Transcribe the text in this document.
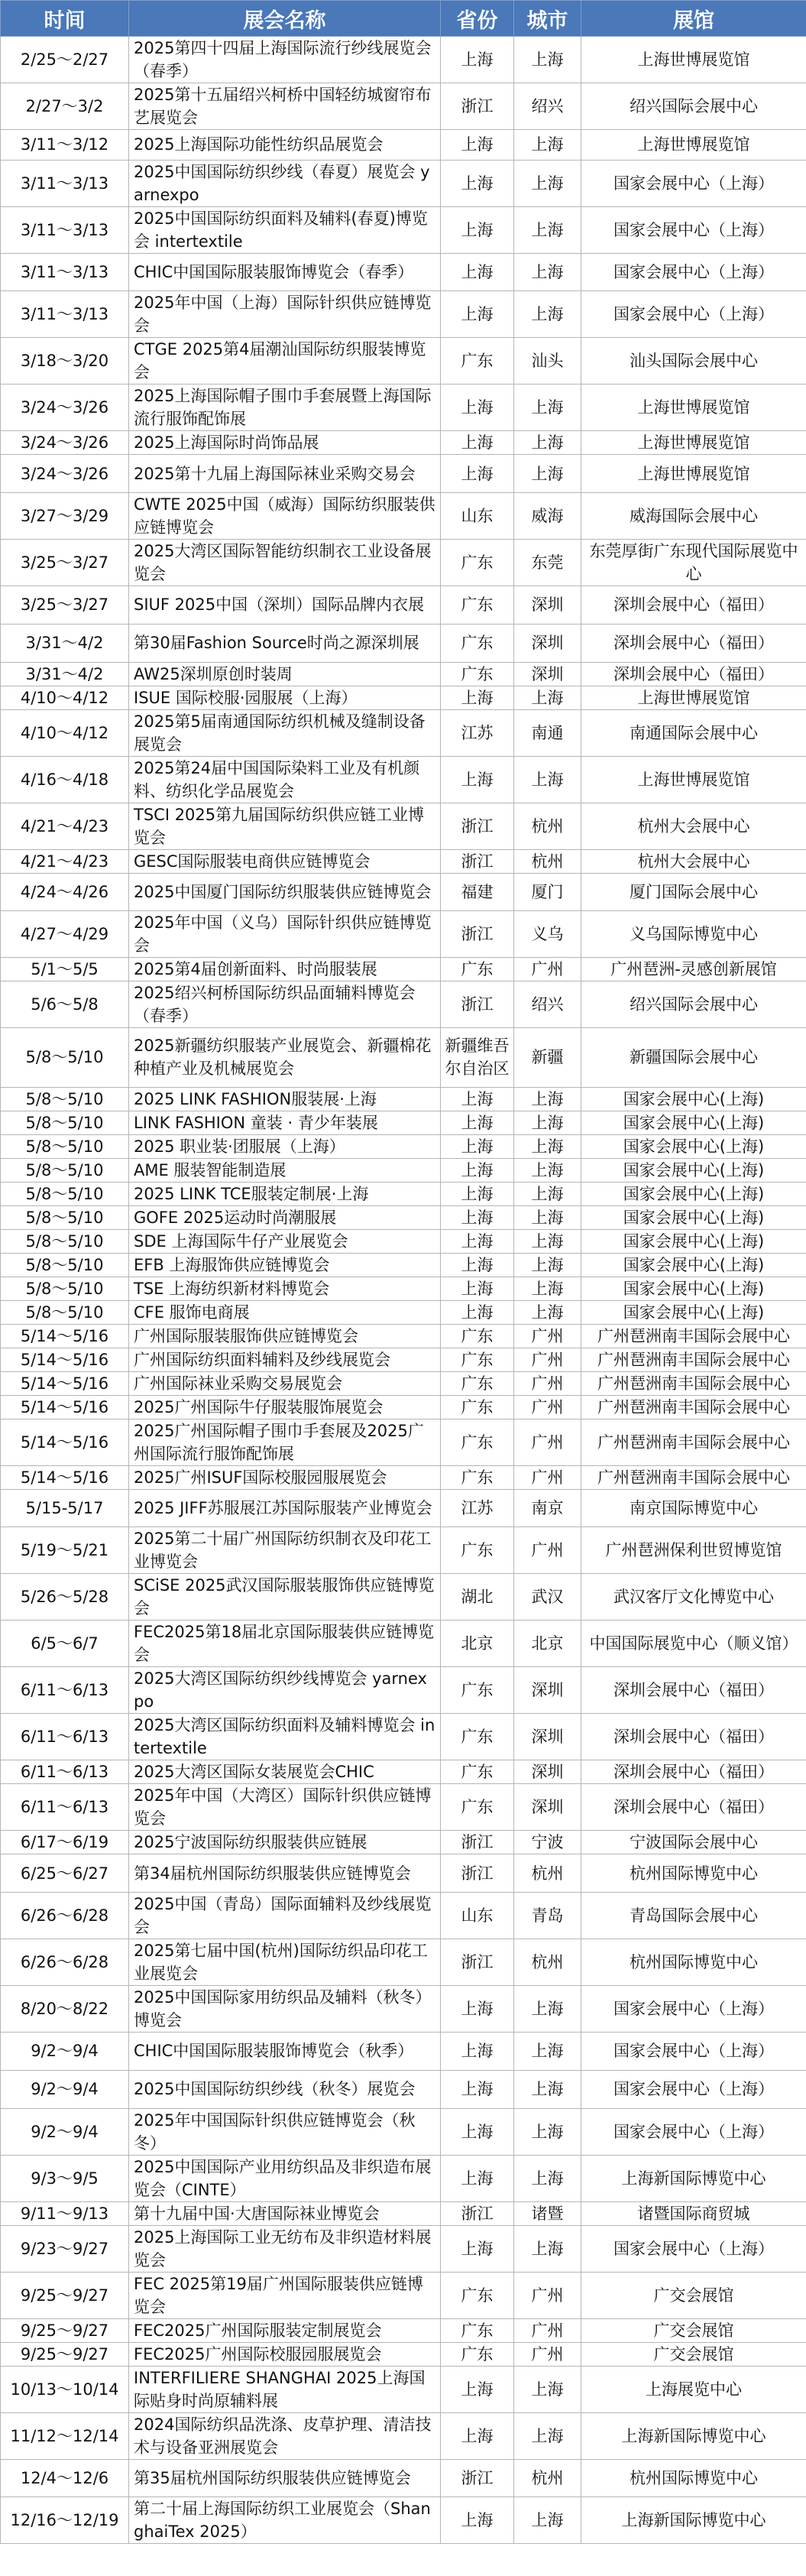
时间	展会名称	省份	城市	展馆
2/25～2/27	2025第四十四届上海国际流行纱线展览会（春季）	上海	上海	上海世博展览馆
2/27～3/2	2025第十五届绍兴柯桥中国轻纺城窗帘布艺展览会	浙江	绍兴	绍兴国际会展中心
3/11～3/12	2025上海国际功能性纺织品展览会	上海	上海	上海世博展览馆
3/11～3/13	2025中国国际纺织纱线（春夏）展览会 yarnexpo	上海	上海	国家会展中心（上海）
3/11～3/13	2025中国国际纺织面料及辅料(春夏)博览会 intertextile	上海	上海	国家会展中心（上海）
3/11～3/13	CHIC中国国际服装服饰博览会（春季）	上海	上海	国家会展中心（上海）
3/11～3/13	2025年中国（上海）国际针织供应链博览会	上海	上海	国家会展中心（上海）
3/18～3/20	CTGE 2025第4届潮汕国际纺织服装博览会	广东	汕头	汕头国际会展中心
3/24～3/26	2025上海国际帽子围巾手套展暨上海国际流行服饰配饰展	上海	上海	上海世博展览馆
3/24～3/26	2025上海国际时尚饰品展	上海	上海	上海世博展览馆
3/24～3/26	2025第十九届上海国际袜业采购交易会	上海	上海	上海世博展览馆
3/27～3/29	CWTE 2025中国（威海）国际纺织服装供应链博览会	山东	威海	威海国际会展中心
3/25～3/27	2025大湾区国际智能纺织制衣工业设备展览会	广东	东莞	东莞厚街广东现代国际展览中心
3/25～3/27	SIUF 2025中国（深圳）国际品牌内衣展	广东	深圳	深圳会展中心（福田）
3/31～4/2	第30届Fashion Source时尚之源深圳展	广东	深圳	深圳会展中心（福田）
3/31～4/2	AW25深圳原创时装周	广东	深圳	深圳会展中心（福田）
4/10～4/12	ISUE 国际校服·园服展（上海）	上海	上海	上海世博展览馆
4/10～4/12	2025第5届南通国际纺织机械及缝制设备展览会	江苏	南通	南通国际会展中心
4/16～4/18	2025第24届中国国际染料工业及有机颜料、纺织化学品展览会	上海	上海	上海世博展览馆
4/21～4/23	TSCI 2025第九届国际纺织供应链工业博览会	浙江	杭州	杭州大会展中心
4/21～4/23	GESC国际服装电商供应链博览会	浙江	杭州	杭州大会展中心
4/24～4/26	2025中国厦门国际纺织服装供应链博览会	福建	厦门	厦门国际会展中心
4/27～4/29	2025年中国（义乌）国际针织供应链博览会	浙江	义乌	义乌国际博览中心
5/1～5/5	2025第4届创新面料、时尚服装展	广东	广州	广州琶洲-灵感创新展馆
5/6～5/8	2025绍兴柯桥国际纺织品面辅料博览会（春季）	浙江	绍兴	绍兴国际会展中心
5/8～5/10	2025新疆纺织服装产业展览会、新疆棉花种植产业及机械展览会	新疆维吾尔自治区	新疆	新疆国际会展中心
5/8～5/10	2025 LINK FASHION服装展·上海	上海	上海	国家会展中心(上海)
5/8～5/10	LINK FASHION 童装 · 青少年装展	上海	上海	国家会展中心(上海)
5/8～5/10	2025 职业装·团服展（上海）	上海	上海	国家会展中心(上海)
5/8～5/10	AME 服装智能制造展	上海	上海	国家会展中心(上海)
5/8～5/10	2025 LINK TCE服装定制展·上海	上海	上海	国家会展中心(上海)
5/8～5/10	GOFE 2025运动时尚潮服展	上海	上海	国家会展中心(上海)
5/8～5/10	SDE 上海国际牛仔产业展览会	上海	上海	国家会展中心(上海)
5/8～5/10	EFB 上海服饰供应链博览会	上海	上海	国家会展中心(上海)
5/8～5/10	TSE 上海纺织新材料博览会	上海	上海	国家会展中心(上海)
5/8～5/10	CFE 服饰电商展	上海	上海	国家会展中心(上海)
5/14～5/16	广州国际服装服饰供应链博览会	广东	广州	广州琶洲南丰国际会展中心
5/14～5/16	广州国际纺织面料辅料及纱线展览会	广东	广州	广州琶洲南丰国际会展中心
5/14～5/16	广州国际袜业采购交易展览会	广东	广州	广州琶洲南丰国际会展中心
5/14～5/16	2025广州国际牛仔服装服饰展览会	广东	广州	广州琶洲南丰国际会展中心
5/14～5/16	2025广州国际帽子围巾手套展及2025广州国际流行服饰配饰展	广东	广州	广州琶洲南丰国际会展中心
5/14～5/16	2025广州ISUF国际校服园服展览会	广东	广州	广州琶洲南丰国际会展中心
5/15-5/17	2025 JIFF苏服展江苏国际服装产业博览会	江苏	南京	南京国际博览中心
5/19～5/21	2025第二十届广州国际纺织制衣及印花工业博览会	广东	广州	广州琶洲保利世贸博览馆
5/26～5/28	SCiSE 2025武汉国际服装服饰供应链博览会	湖北	武汉	武汉客厅文化博览中心
6/5～6/7	FEC2025第18届北京国际服装供应链博览会	北京	北京	中国国际展览中心（顺义馆）
6/11～6/13	2025大湾区国际纺织纱线博览会 yarnexpo	广东	深圳	深圳会展中心（福田）
6/11～6/13	2025大湾区国际纺织面料及辅料博览会 intertextile	广东	深圳	深圳会展中心（福田）
6/11～6/13	2025大湾区国际女装展览会CHIC	广东	深圳	深圳会展中心（福田）
6/11～6/13	2025年中国（大湾区）国际针织供应链博览会	广东	深圳	深圳会展中心（福田）
6/17～6/19	2025宁波国际纺织服装供应链展	浙江	宁波	宁波国际会展中心
6/25～6/27	第34届杭州国际纺织服装供应链博览会	浙江	杭州	杭州国际博览中心
6/26～6/28	2025中国（青岛）国际面辅料及纱线展览会	山东	青岛	青岛国际会展中心
6/26～6/28	2025第七届中国(杭州)国际纺织品印花工业展览会	浙江	杭州	杭州国际博览中心
8/20～8/22	2025中国国际家用纺织品及辅料（秋冬）博览会	上海	上海	国家会展中心（上海）
9/2～9/4	CHIC中国国际服装服饰博览会（秋季）	上海	上海	国家会展中心（上海）
9/2～9/4	2025中国国际纺织纱线（秋冬）展览会	上海	上海	国家会展中心（上海）
9/2～9/4	2025年中国国际针织供应链博览会（秋冬）	上海	上海	国家会展中心（上海）
9/3～9/5	2025中国国际产业用纺织品及非织造布展览会（CINTE）	上海	上海	上海新国际博览中心
9/11～9/13	第十九届中国·大唐国际袜业博览会	浙江	诸暨	诸暨国际商贸城
9/23～9/27	2025上海国际工业无纺布及非织造材料展览会	上海	上海	国家会展中心（上海）
9/25～9/27	FEC 2025第19届广州国际服装供应链博览会	广东	广州	广交会展馆
9/25～9/27	FEC2025广州国际服装定制展览会	广东	广州	广交会展馆
9/25～9/27	FEC2025广州国际校服园服展览会	广东	广州	广交会展馆
10/13～10/14	INTERFILIERE SHANGHAI 2025上海国际贴身时尚原辅料展	上海	上海	上海展览中心
11/12～12/14	2024国际纺织品洗涤、皮草护理、清洁技术与设备亚洲展览会	上海	上海	上海新国际博览中心
12/4～12/6	第35届杭州国际纺织服装供应链博览会	浙江	杭州	杭州国际博览中心
12/16～12/19	第二十届上海国际纺织工业展览会（ShanghaiTex 2025）	上海	上海	上海新国际博览中心
